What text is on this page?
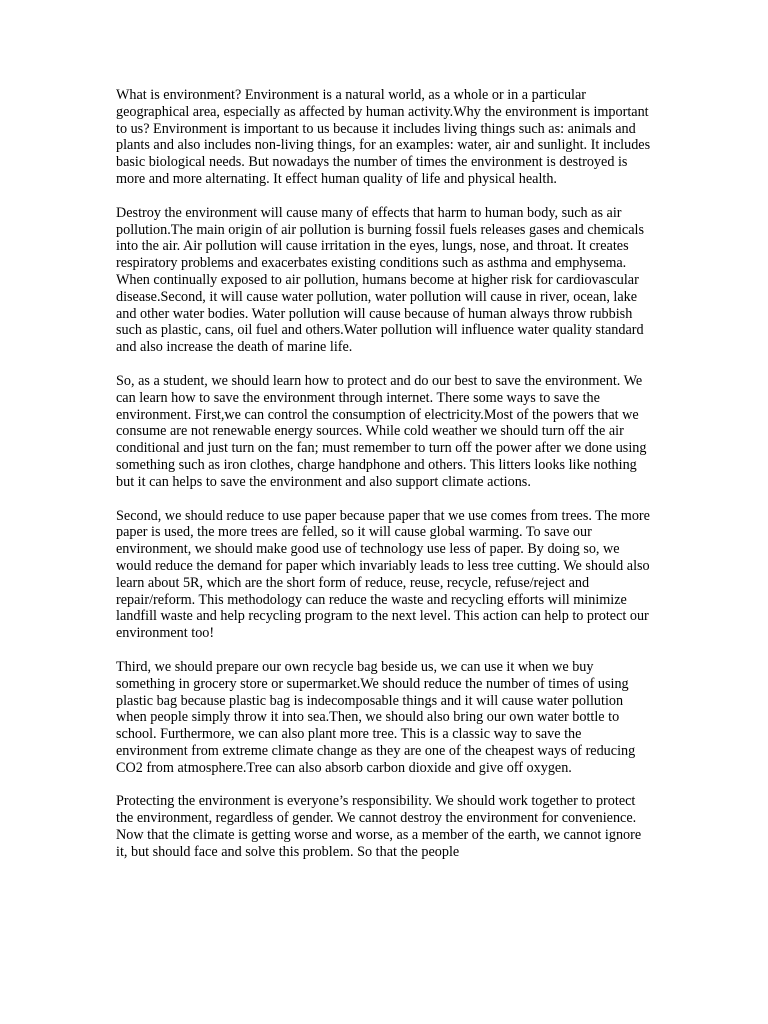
What is environment? Environment is a natural world, as a whole or in a particular geographical area, especially as affected by human activity.Why the environment is important to us? Environment is important to us because it includes living things such as: animals and plants and also includes non-living things, for an examples: water, air and sunlight. It includes basic biological needs. But nowadays the number of times the environment is destroyed is more and more alternating. It effect human quality of life and physical health.

Destroy the environment will cause many of effects that harm to human body, such as air pollution.The main origin of air pollution is burning fossil fuels releases gases and chemicals into the air. Air pollution will cause irritation in the eyes, lungs, nose, and throat. It creates respiratory problems and exacerbates existing conditions such as asthma and emphysema. When continually exposed to air pollution, humans become at higher risk for cardiovascular disease.Second, it will cause water pollution, water pollution will cause in river, ocean, lake and other water bodies. Water pollution will cause because of human always throw rubbish such as plastic, cans, oil fuel and others.Water pollution will influence water quality standard and also increase the death of marine life.

So, as a student, we should learn how to protect and do our best to save the environment. We can learn how to save the environment through internet. There some ways to save the environment. First,we can control the consumption of electricity.Most of the powers that we consume are not renewable energy sources. While cold weather we should turn off the air conditional and just turn on the fan; must remember to turn off the power after we done using something such as iron clothes, charge handphone and others. This litters looks like nothing but it can helps to save the environment and also support climate actions.

Second, we should reduce to use paper because paper that we use comes from trees. The more paper is used, the more trees are felled, so it will cause global warming. To save our environment, we should make good use of technology use less of paper. By doing so, we would reduce the demand for paper which invariably leads to less tree cutting. We should also learn about 5R, which are the short form of reduce, reuse, recycle, refuse/reject and repair/reform. This methodology can reduce the waste and recycling efforts will minimize landfill waste and help recycling program to the next level. This action can help to protect our environment too!

Third, we should prepare our own recycle bag beside us, we can use it when we buy something in grocery store or supermarket.We should reduce the number of times of using plastic bag because plastic bag is indecomposable things and it will cause water pollution when people simply throw it into sea.Then, we should also bring our own water bottle to school. Furthermore, we can also plant more tree. This is a classic way to save the environment from extreme climate change as they are one of the cheapest ways of reducing CO2 from atmosphere.Tree can also absorb carbon dioxide and give off oxygen.

Protecting the environment is everyone’s responsibility. We should work together to protect the environment, regardless of gender. We cannot destroy the environment for convenience. Now that the climate is getting worse and worse, as a member of the earth, we cannot ignore it, but should face and solve this problem. So that the people
